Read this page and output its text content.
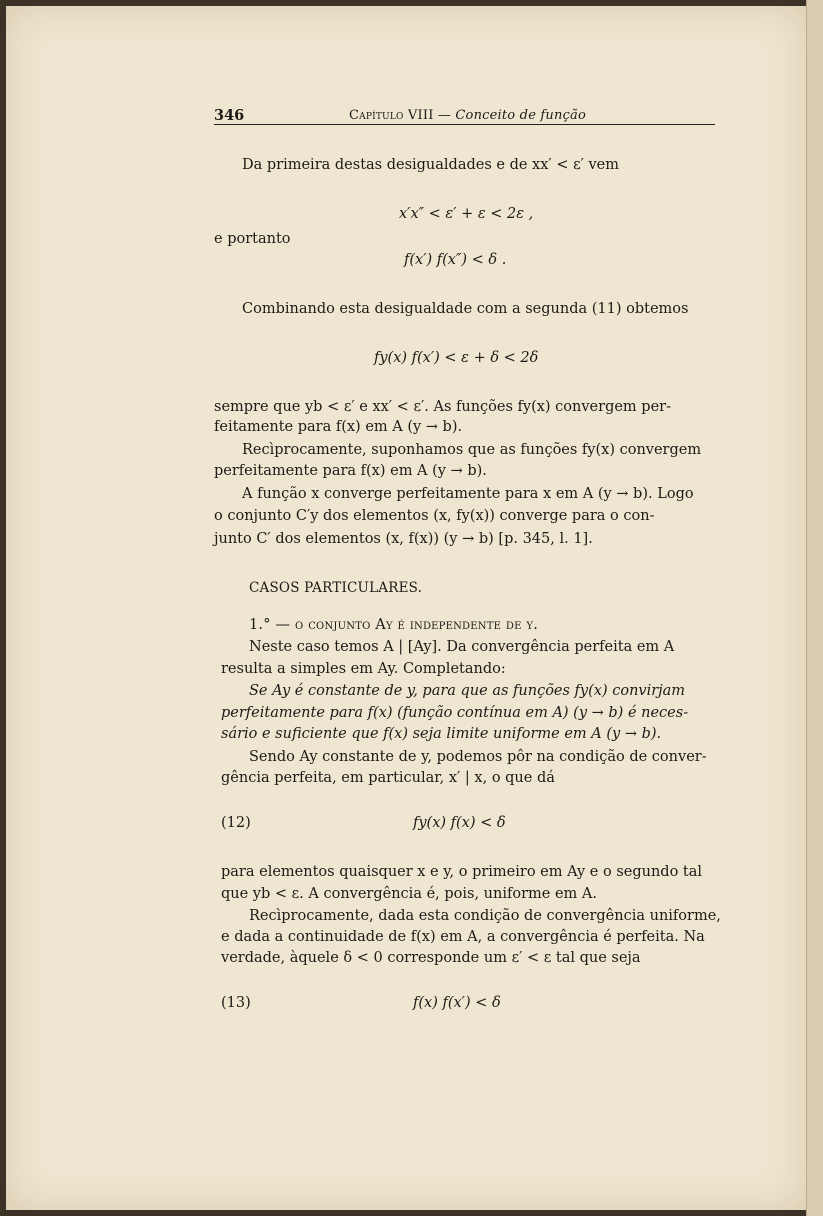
346	Capítulo VIII — Conceito de função
Da primeira destas desigualdades e de xx′ < ε′ vem
x′x″ < ε′ + ε < 2ε ,
e portanto
f(x′) f(x″) < δ .
Combinando esta desigualdade com a segunda (11) obtemos
fy(x) f(x′) < ε + δ < 2δ
sempre que yb < ε′ e xx′ < ε′. As funções fy(x) convergem per-
feitamente para f(x) em A (y → b).
Recìprocamente, suponhamos que as funções fy(x) convergem
perfeitamente para f(x) em A (y → b).
A função x converge perfeitamente para x em A (y → b). Logo
o conjunto C′y dos elementos (x, fy(x)) converge para o con-
junto C′ dos elementos (x, f(x)) (y → b) [p. 345, l. 1].
CASOS PARTICULARES.
1.° — o conjunto Ay é independente de y.
Neste caso temos A | [Ay]. Da convergência perfeita em A
resulta a simples em Ay. Completando:
Se Ay é constante de y, para que as funções fy(x) convirjam
perfeitamente para f(x) (função contínua em A) (y → b) é neces-
sário e suficiente que f(x) seja limite uniforme em A (y → b).
Sendo Ay constante de y, podemos pôr na condição de conver-
gência perfeita, em particular, x′ | x, o que dá
(12)	fy(x) f(x) < δ
para elementos quaisquer x e y, o primeiro em Ay e o segundo tal
que yb < ε. A convergência é, pois, uniforme em A.
Recìprocamente, dada esta condição de convergência uniforme,
e dada a continuidade de f(x) em A, a convergência é perfeita. Na
verdade, àquele δ < 0 corresponde um ε′ < ε tal que seja
(13)	f(x) f(x′) < δ
